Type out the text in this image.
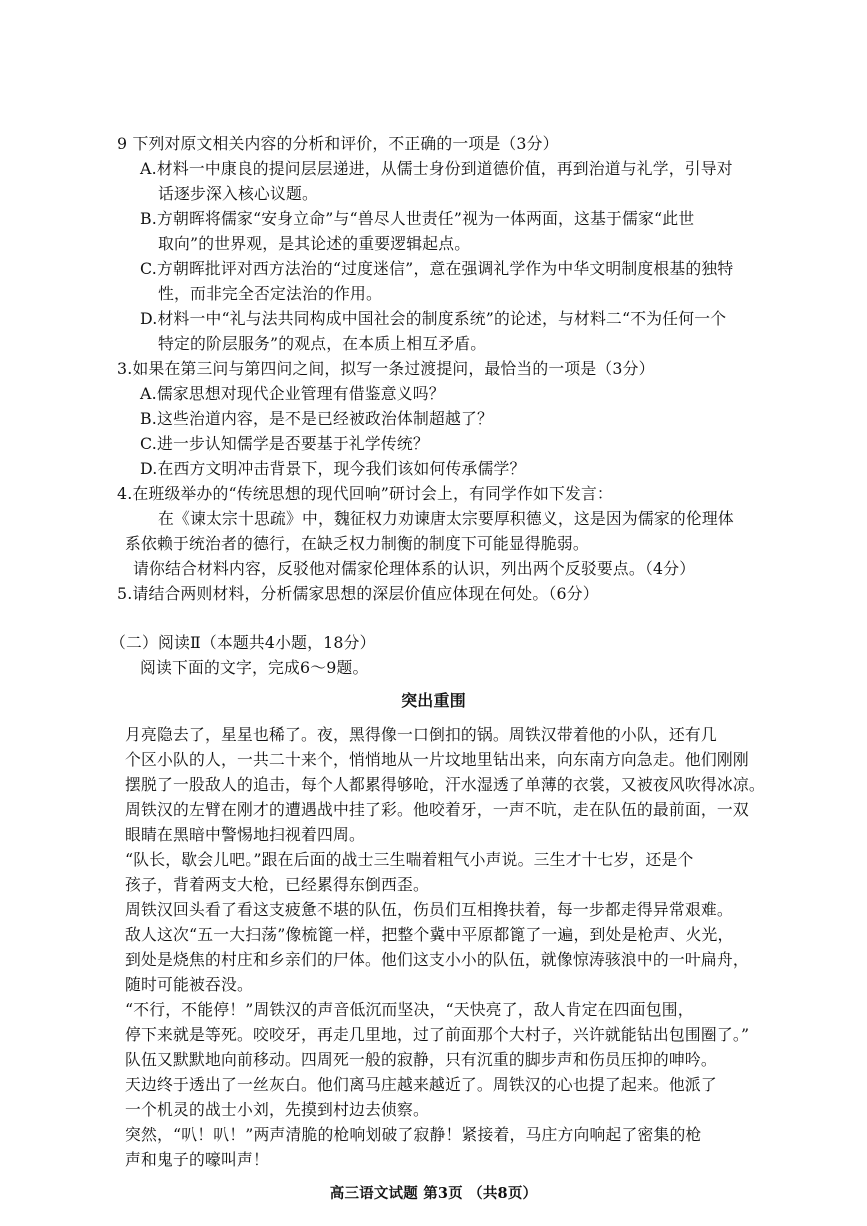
9 下列对原文相关内容的分析和评价，不正确的一项是（3分）
A.材料一中康良的提问层层递进，从儒士身份到道德价值，再到治道与礼学，引导对
话逐步深入核心议题。
B.方朝晖将儒家“安身立命”与“兽尽人世责任”视为一体两面，这基于儒家“此世
取向”的世界观，是其论述的重要逻辑起点。
C.方朝晖批评对西方法治的“过度迷信”，意在强调礼学作为中华文明制度根基的独特
性，而非完全否定法治的作用。
D.材料一中“礼与法共同构成中国社会的制度系统”的论述，与材料二“不为任何一个
特定的阶层服务”的观点，在本质上相互矛盾。
3.如果在第三问与第四问之间，拟写一条过渡提问，最恰当的一项是（3分）
A.儒家思想对现代企业管理有借鉴意义吗？
B.这些治道内容，是不是已经被政治体制超越了？
C.进一步认知儒学是否要基于礼学传统？
D.在西方文明冲击背景下，现今我们该如何传承儒学？
4.在班级举办的“传统思想的现代回响”研讨会上，有同学作如下发言：
在《谏太宗十思疏》中，魏征权力劝谏唐太宗要厚积德义，这是因为儒家的伦理体
系依赖于统治者的德行，在缺乏权力制衡的制度下可能显得脆弱。
请你结合材料内容，反驳他对儒家伦理体系的认识，列出两个反驳要点。（4分）
5.请结合两则材料，分析儒家思想的深层价值应体现在何处。（6分）
（二）阅读Ⅱ（本题共4小题，18分）
阅读下面的文字，完成6～9题。
突出重围
月亮隐去了，星星也稀了。夜，黑得像一口倒扣的锅。周铁汉带着他的小队，还有几
个区小队的人，一共二十来个，悄悄地从一片坟地里钻出来，向东南方向急走。他们刚刚
摆脱了一股敌人的追击，每个人都累得够呛，汗水湿透了单薄的衣裳，又被夜风吹得冰凉。
周铁汉的左臂在刚才的遭遇战中挂了彩。他咬着牙，一声不吭，走在队伍的最前面，一双
眼睛在黑暗中警惕地扫视着四周。
“队长，歇会儿吧。”跟在后面的战士三生喘着粗气小声说。三生才十七岁，还是个
孩子，背着两支大枪，已经累得东倒西歪。
周铁汉回头看了看这支疲惫不堪的队伍，伤员们互相搀扶着，每一步都走得异常艰难。
敌人这次“五一大扫荡”像梳篦一样，把整个冀中平原都篦了一遍，到处是枪声、火光，
到处是烧焦的村庄和乡亲们的尸体。他们这支小小的队伍，就像惊涛骇浪中的一叶扁舟，
随时可能被吞没。
“不行，不能停！”周铁汉的声音低沉而坚决，“天快亮了，敌人肯定在四面包围，
停下来就是等死。咬咬牙，再走几里地，过了前面那个大村子，兴许就能钻出包围圈了。”
队伍又默默地向前移动。四周死一般的寂静，只有沉重的脚步声和伤员压抑的呻吟。
天边终于透出了一丝灰白。他们离马庄越来越近了。周铁汉的心也提了起来。他派了
一个机灵的战士小刘，先摸到村边去侦察。
突然，“叭！叭！”两声清脆的枪响划破了寂静！紧接着，马庄方向响起了密集的枪
声和鬼子的嚎叫声！
高三语文试题 第3页 （共8页）
